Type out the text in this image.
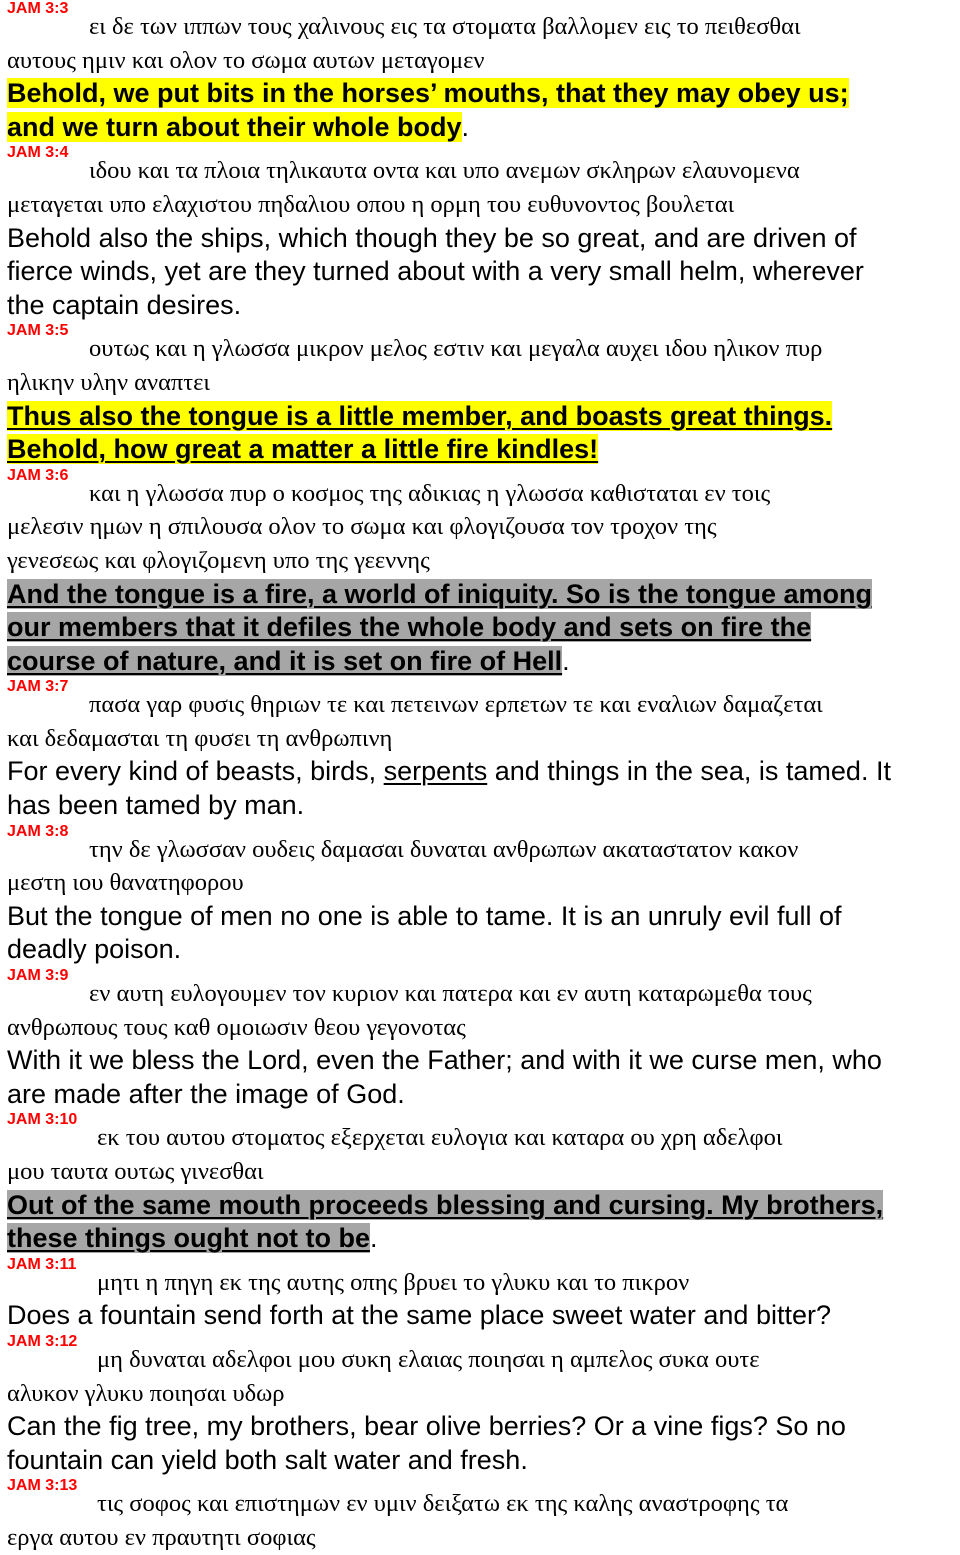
JAM 3:3
ει δε των ιππων τους χαλινους εις τα στοματα βαλλομεν εις το πειθεσθαι
αυτους ημιν και ολον το σωμα αυτων μεταγομεν
Behold, we put bits in the horses’ mouths, that they may obey us;
and we turn about their whole body.
JAM 3:4
ιδου και τα πλοια τηλικαυτα οντα και υπο ανεμων σκληρων ελαυνομενα
μεταγεται υπο ελαχιστου πηδαλιου οπου η ορμη του ευθυνοντος βουλεται
Behold also the ships, which though they be so great, and are driven of
fierce winds, yet are they turned about with a very small helm, wherever
the captain desires.
JAM 3:5
ουτως και η γλωσσα μικρον μελος εστιν και μεγαλα αυχει ιδου ηλικον πυρ
ηλικην υλην αναπτει
Thus also the tongue is a little member, and boasts great things.
Behold, how great a matter a little fire kindles!
JAM 3:6
και η γλωσσα πυρ ο κοσμος της αδικιας η γλωσσα καθισταται εν τοις
μελεσιν ημων η σπιλουσα ολον το σωμα και φλογιζουσα τον τροχον της
γενεσεως και φλογιζομενη υπο της γεεννης
And the tongue is a fire, a world of iniquity. So is the tongue among
our members that it defiles the whole body and sets on fire the
course of nature, and it is set on fire of Hell.
JAM 3:7
πασα γαρ φυσις θηριων τε και πετεινων ερπετων τε και εναλιων δαμαζεται
και δεδαμασται τη φυσει τη ανθρωπινη
For every kind of beasts, birds, serpents and things in the sea, is tamed. It
has been tamed by man.
JAM 3:8
την δε γλωσσαν ουδεις δαμασαι δυναται ανθρωπων ακαταστατον κακον
μεστη ιου θανατηφορου
But the tongue of men no one is able to tame. It is an unruly evil full of
deadly poison.
JAM 3:9
εν αυτη ευλογουμεν τον κυριον και πατερα και εν αυτη καταρωμεθα τους
ανθρωπους τους καθ ομοιωσιν θεου γεγονοτας
With it we bless the Lord, even the Father; and with it we curse men, who
are made after the image of God.
JAM 3:10
εκ του αυτου στοματος εξερχεται ευλογια και καταρα ου χρη αδελφοι
μου ταυτα ουτως γινεσθαι
Out of the same mouth proceeds blessing and cursing. My brothers,
these things ought not to be.
JAM 3:11
μητι η πηγη εκ της αυτης οπης βρυει το γλυκυ και το πικρον
Does a fountain send forth at the same place sweet water and bitter?
JAM 3:12
μη δυναται αδελφοι μου συκη ελαιας ποιησαι η αμπελος συκα ουτε
αλυκον γλυκυ ποιησαι υδωρ
Can the fig tree, my brothers, bear olive berries? Or a vine figs? So no
fountain can yield both salt water and fresh.
JAM 3:13
τις σοφος και επιστημων εν υμιν δειξατω εκ της καλης αναστροφης τα
εργα αυτου εν πραυτητι σοφιας
